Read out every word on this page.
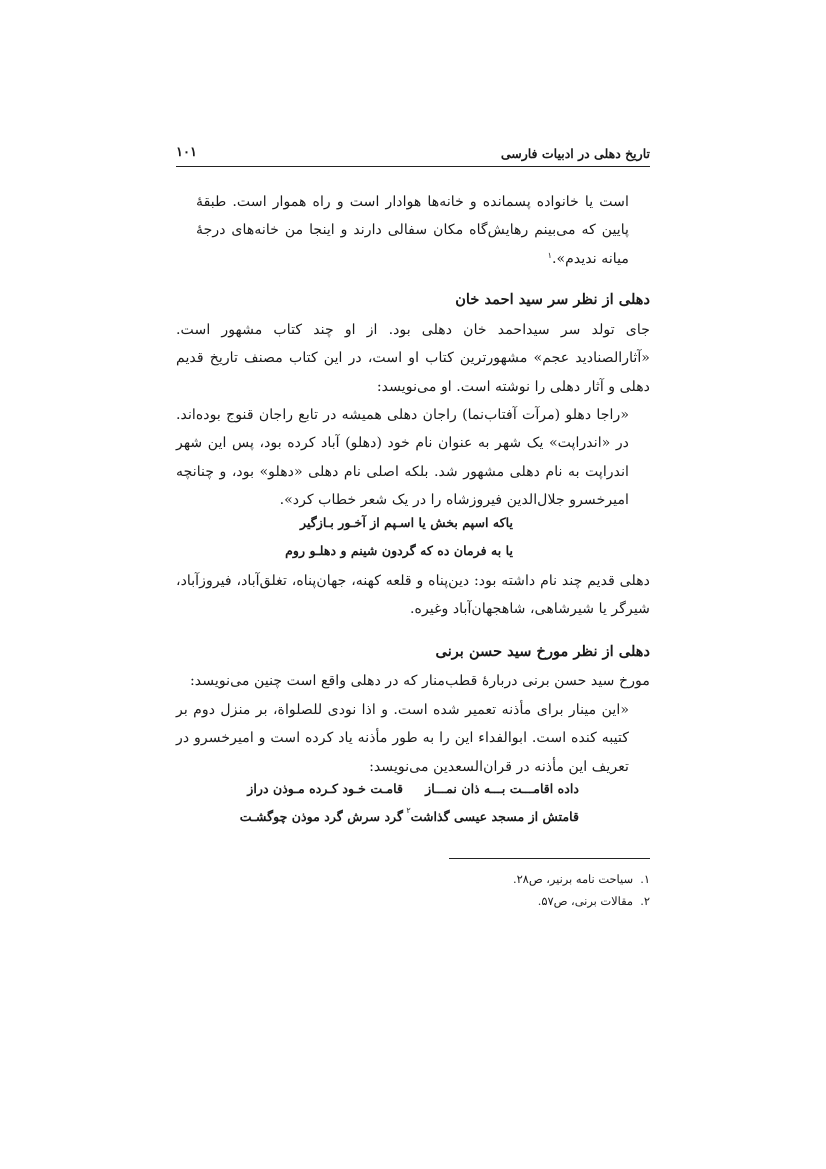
تاریخ دهلی در ادبیات فارسی
۱۰۱
است یا خانواده پسمانده و خانه‌ها هوادار است و راه هموار است. طبقهٔ پایین که می‌بینم رهایش‌گاه مکان سفالی دارند و اینجا من خانه‌های درجهٔ میانه ندیدم».$^۱$
دهلی از نظر سر سید احمد خان
جای تولد سر سیداحمد خان دهلی بود. از او چند کتاب مشهور است. «آثارالصنادید عجم» مشهورترین کتاب او است، در این کتاب مصنف تاریخ قدیم دهلی و آثار دهلی را نوشته است. او می‌نویسد:
«راجا دهلو (مرآت آفتاب‌نما) راجان دهلی همیشه در تابع راجان قنوج بوده‌اند. در «اندراپت» یک شهر به عنوان نام خود (دهلو) آباد کرده بود، پس این شهر اندراپت به نام دهلی مشهور شد. بلکه اصلی نام دهلی «دهلو» بود، و چنانچه امیرخسرو جلال‌الدین فیروزشاه را در یک شعر خطاب کرد».
یاکه اسپم بخش یا اسـپم از آخـور بـازگیر
یا به فرمان ده که گردون شینم و دهلـو روم
دهلی قدیم چند نام داشته بود: دین‌پناه و قلعه کهنه، جهان‌پناه، تغلق‌آباد، فیروزآباد، شیرگر یا شیرشاهی، شاهجهان‌آباد وغیره.
دهلی از نظر مورخ سید حسن برنی
مورخ سید حسن برنی دربارهٔ قطب‌منار که در دهلی واقع است چنین می‌نویسد:
«این مینار برای مأذنه تعمیر شده است. و اذا نودی للصلواة، بر منزل دوم بر کتیبه کنده است. ابوالفداء این را به طور مأذنه یاد کرده است و امیرخسرو در تعریف این مأذنه در قران‌السعدین می‌نویسد:
قامـت خـود کـرده مـوذن دراز داده اقامـــت بـــه ذان نمـــاز
گرد سرش گرد موذن چوگشـت قامتش از مسجد عیسی گذاشت$^۲$
۱.  سیاحت نامه برنیر، ص۲۸.
۲.  مقالات برنی، ص۵۷.
